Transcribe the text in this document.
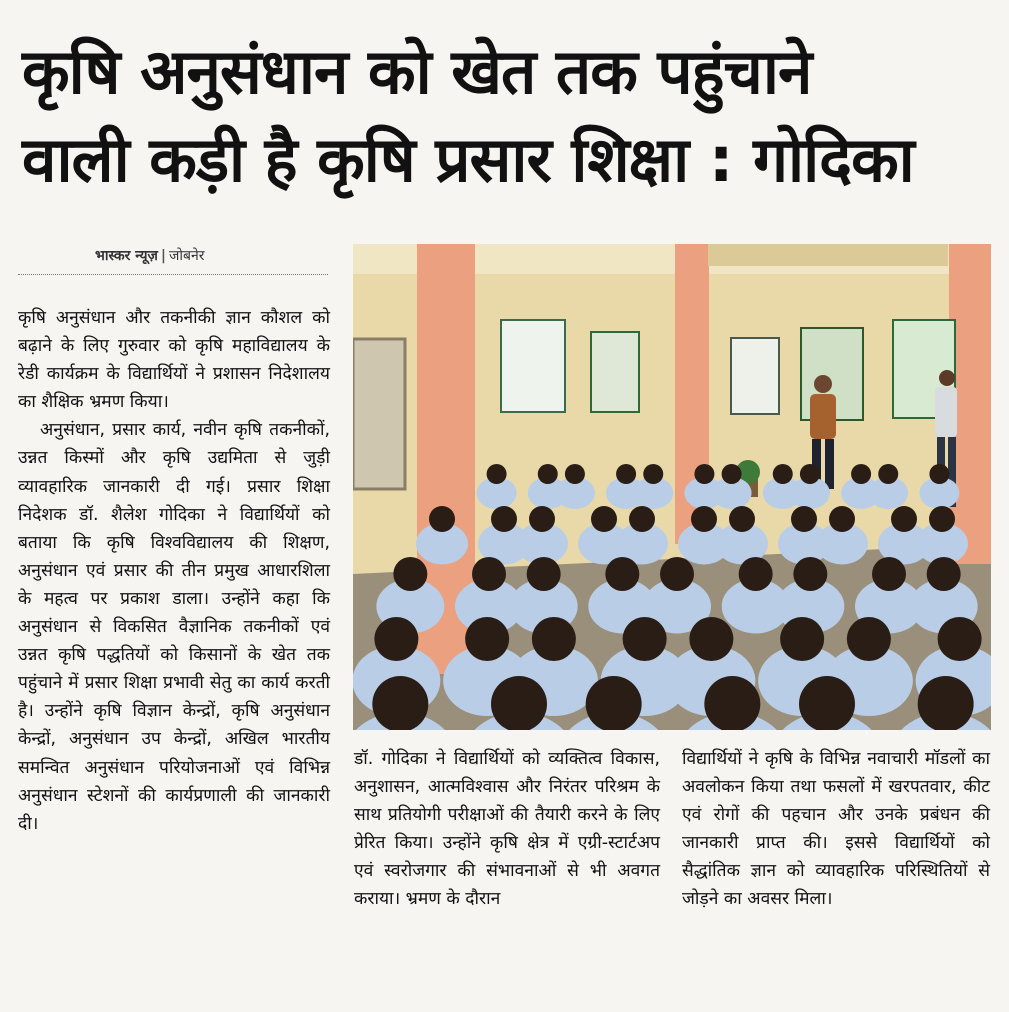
कृषि अनुसंधान को खेत तक पहुंचाने
वाली कड़ी है कृषि प्रसार शिक्षा : गोदिका
भास्कर न्यूज़ | जोबनेर

कृषि अनुसंधान और तकनीकी ज्ञान कौशल को बढ़ाने के लिए गुरुवार को कृषि महाविद्यालय के रेडी कार्यक्रम के विद्यार्थियों ने प्रशासन निदेशालय का शैक्षिक भ्रमण किया।

अनुसंधान, प्रसार कार्य, नवीन कृषि तकनीकों, उन्नत किस्मों और कृषि उद्यमिता से जुड़ी व्यावहारिक जानकारी दी गई। प्रसार शिक्षा निदेशक डॉ. शैलेश गोदिका ने विद्यार्थियों को बताया कि कृषि विश्वविद्यालय की शिक्षण, अनुसंधान एवं प्रसार की तीन प्रमुख आधारशिला के महत्व पर प्रकाश डाला। उन्होंने कहा कि अनुसंधान से विकसित वैज्ञानिक तकनीकों एवं उन्नत कृषि पद्धतियों को किसानों के खेत तक पहुंचाने में प्रसार शिक्षा प्रभावी सेतु का कार्य करती है। उन्होंने कृषि विज्ञान केन्द्रों, कृषि अनुसंधान केन्द्रों, अनुसंधान उप केन्द्रों, अखिल भारतीय समन्वित अनुसंधान परियोजनाओं एवं विभिन्न अनुसंधान स्टेशनों की कार्यप्रणाली की जानकारी दी।

डॉ. गोदिका ने विद्यार्थियों को व्यक्तित्व विकास, अनुशासन, आत्मविश्वास और निरंतर परिश्रम के साथ प्रतियोगी परीक्षाओं की तैयारी करने के लिए प्रेरित किया। उन्होंने कृषि क्षेत्र में एग्री-स्टार्टअप एवं स्वरोजगार की संभावनाओं से भी अवगत कराया। भ्रमण के दौरान
विद्यार्थियों ने कृषि के विभिन्न नवाचारी मॉडलों का अवलोकन किया तथा फसलों में खरपतवार, कीट एवं रोगों की पहचान और उनके प्रबंधन की जानकारी प्राप्त की। इससे विद्यार्थियों को सैद्धांतिक ज्ञान को व्यावहारिक परिस्थितियों से जोड़ने का अवसर मिला।
